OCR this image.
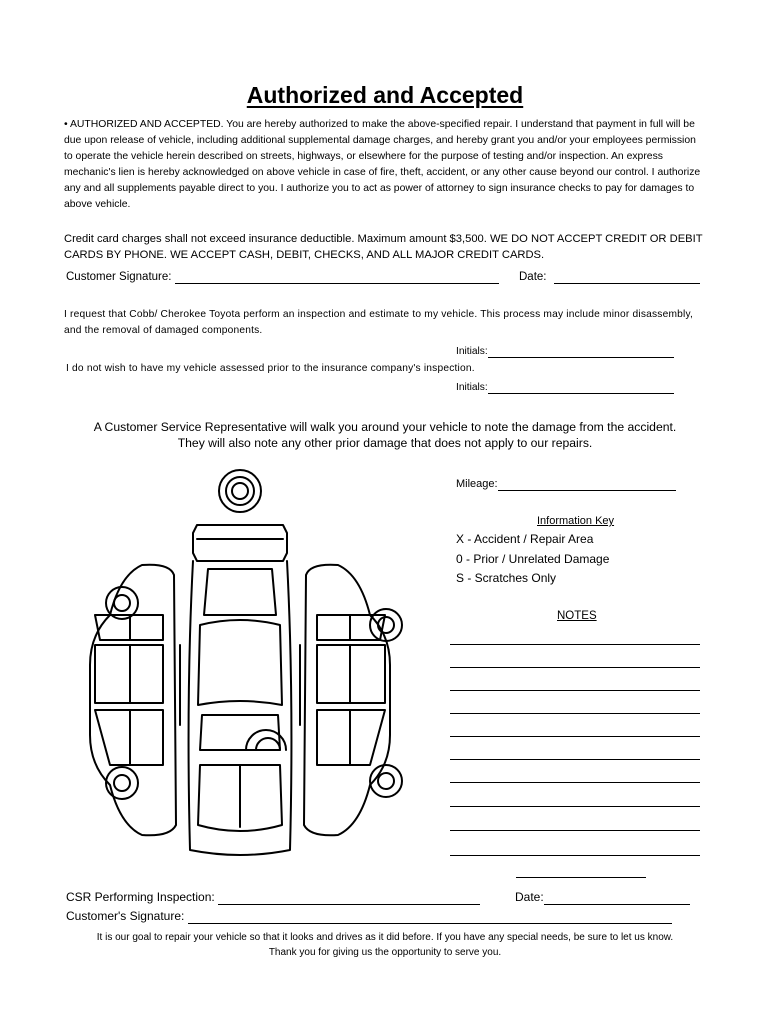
Authorized and Accepted
• AUTHORIZED AND ACCEPTED. You are hereby authorized to make the above-specified repair. I understand that payment in full will be due upon release of vehicle, including additional supplemental damage charges, and hereby grant you and/or your employees permission to operate the vehicle herein described on streets, highways, or elsewhere for the purpose of testing and/or inspection. An express mechanic's lien is hereby acknowledged on above vehicle in case of fire, theft, accident, or any other cause beyond our control. I authorize any and all supplements payable direct to you. I authorize you to act as power of attorney to sign insurance checks to pay for damages to above vehicle.
Credit card charges shall not exceed insurance deductible. Maximum amount $3,500. WE DO NOT ACCEPT CREDIT OR DEBIT CARDS BY PHONE. WE ACCEPT CASH, DEBIT, CHECKS, AND ALL MAJOR CREDIT CARDS.
Customer Signature:	Date:
I request that Cobb/ Cherokee Toyota perform an inspection and estimate to my vehicle. This process may include minor disassembly, and the removal of damaged components.
Initials:
I do not wish to have my vehicle assessed prior to the insurance company's inspection.
Initials:
A Customer Service Representative will walk you around your vehicle to note the damage from the accident.
They will also note any other prior damage that does not apply to our repairs.
Mileage:
Information Key
X - Accident / Repair Area
0 - Prior / Unrelated Damage
S - Scratches Only
NOTES
CSR Performing Inspection:	Date:
Customer's Signature:
It is our goal to repair your vehicle so that it looks and drives as it did before. If you have any special needs, be sure to let us know.
Thank you for giving us the opportunity to serve you.
